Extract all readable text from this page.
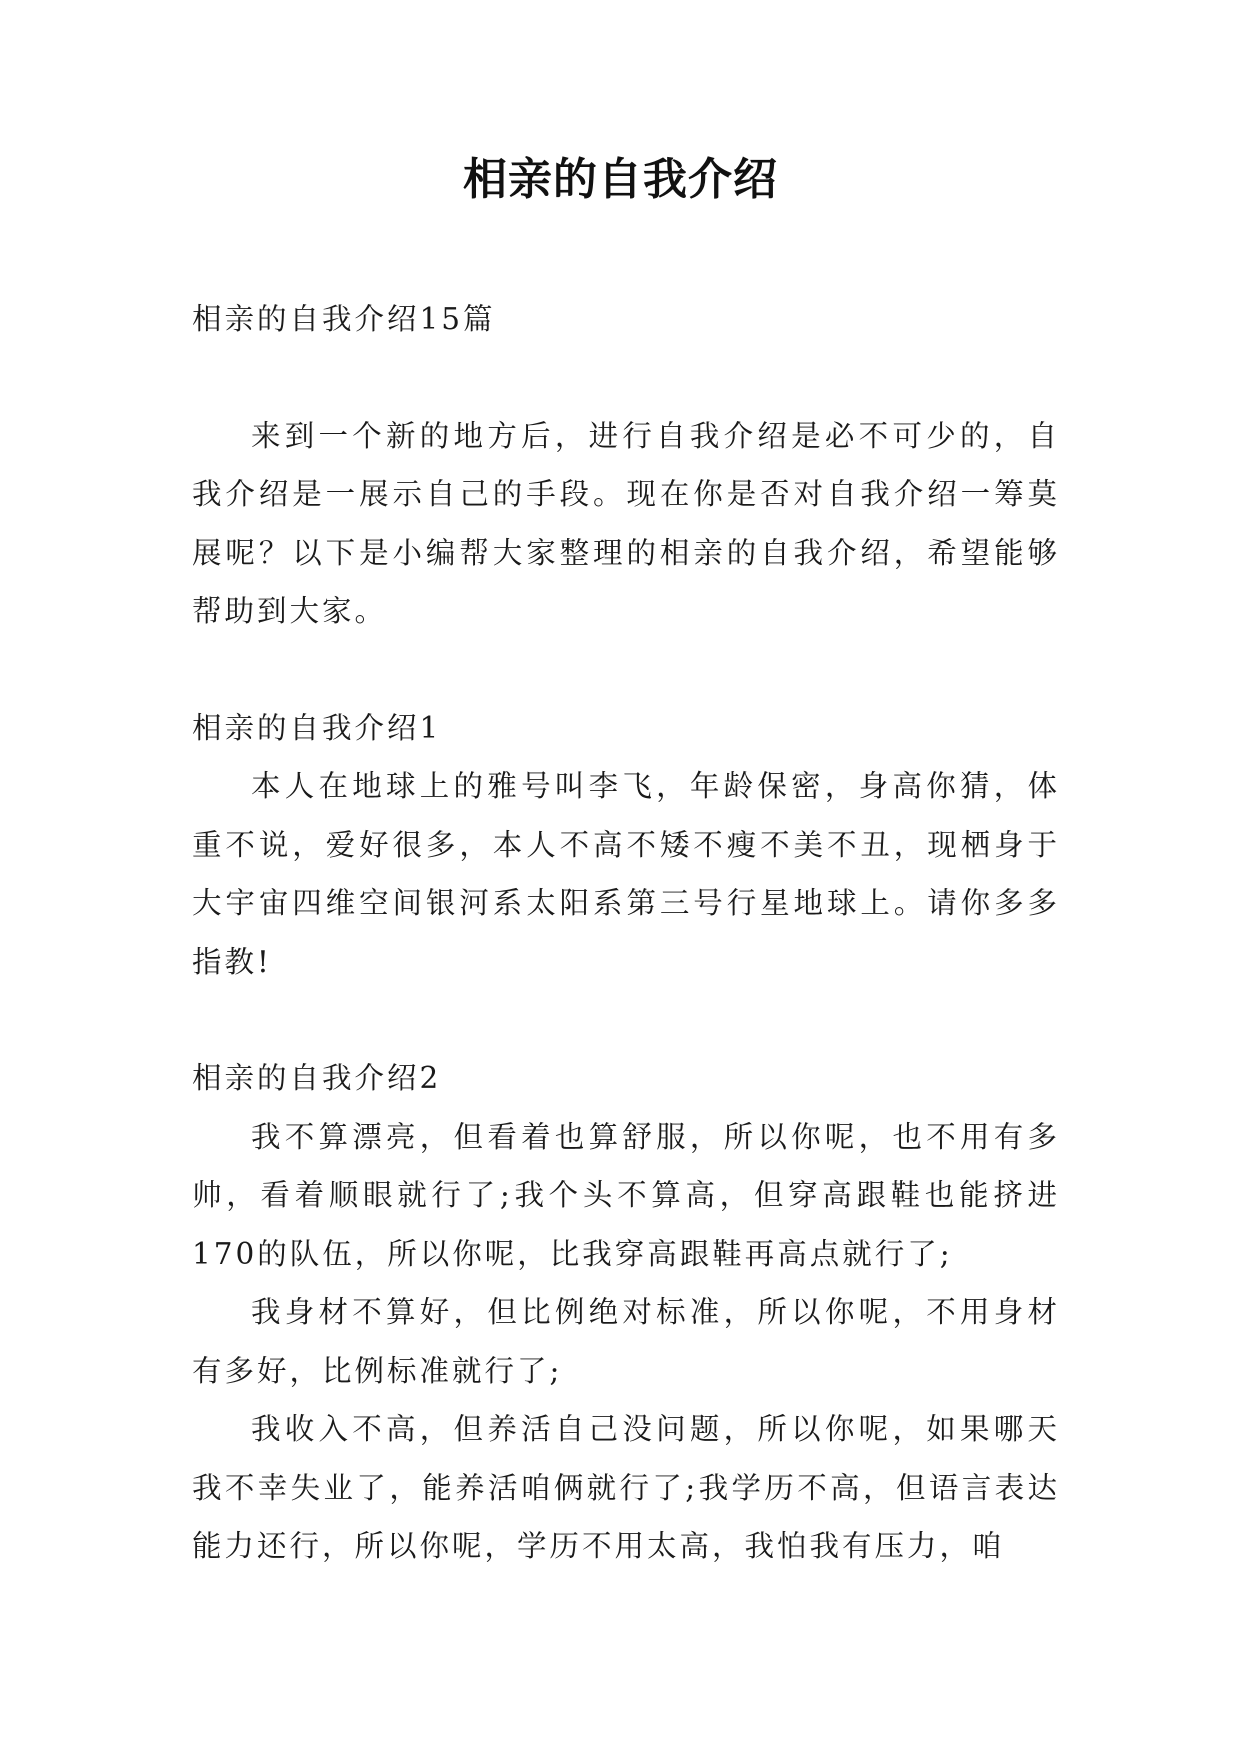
相亲的自我介绍

相亲的自我介绍15篇

来到一个新的地方后，进行自我介绍是必不可少的，自我介绍是一展示自己的手段。现在你是否对自我介绍一筹莫展呢？以下是小编帮大家整理的相亲的自我介绍，希望能够帮助到大家。

相亲的自我介绍1

本人在地球上的雅号叫李飞，年龄保密，身高你猜，体重不说，爱好很多，本人不高不矮不瘦不美不丑，现栖身于大宇宙四维空间银河系太阳系第三号行星地球上。请你多多指教!

相亲的自我介绍2

我不算漂亮，但看着也算舒服，所以你呢，也不用有多帅，看着顺眼就行了;我个头不算高，但穿高跟鞋也能挤进170的队伍，所以你呢，比我穿高跟鞋再高点就行了;

我身材不算好，但比例绝对标准，所以你呢，不用身材有多好，比例标准就行了;

我收入不高，但养活自己没问题，所以你呢，如果哪天我不幸失业了，能养活咱俩就行了;我学历不高，但语言表达能力还行，所以你呢，学历不用太高，我怕我有压力，咱
